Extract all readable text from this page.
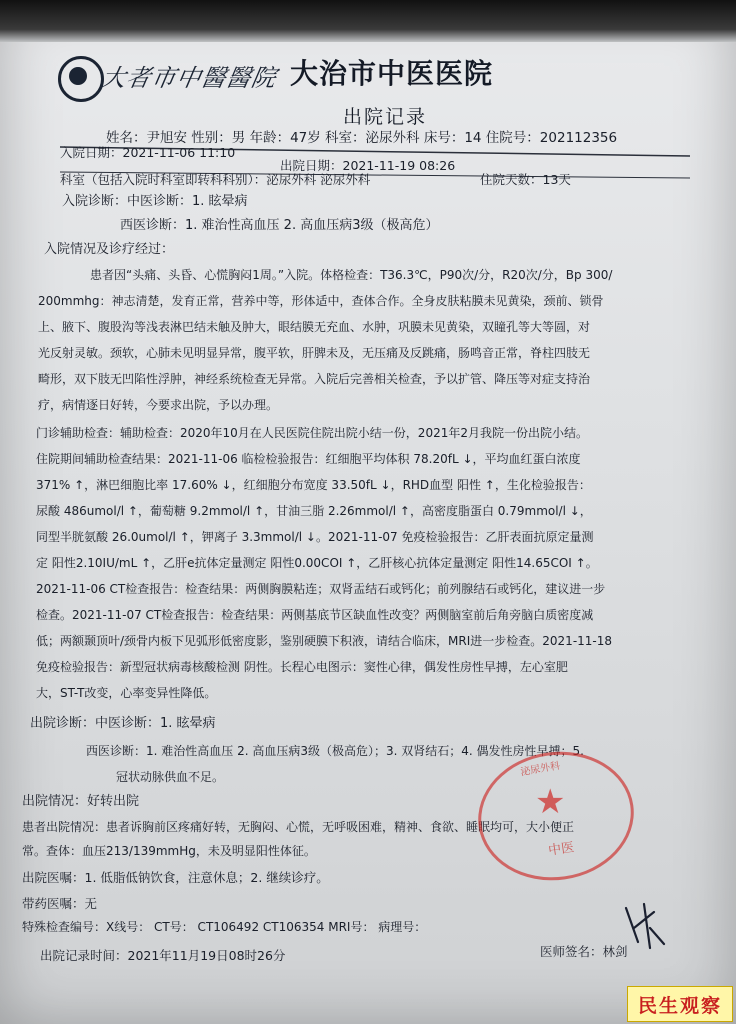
大者市中醫醫院 大治市中医医院
出院记录
姓名：尹旭安 性别：男 年龄：47岁 科室：泌尿外科 床号：14 住院号：202112356
入院日期：2021-11-06 11:10
出院日期：2021-11-19 08:26
住院天数：13天
科室（包括入院时科室即转科科别）：泌尿外科 泌尿外科
入院诊断：中医诊断：1. 眩晕病
西医诊断：1. 难治性高血压 2. 高血压病3级（极高危）
入院情况及诊疗经过：
患者因“头痛、头昏、心慌胸闷1周。”入院。体格检查：T36.3℃，P90次/分，R20次/分，Bp 300/
200mmhg：神志清楚，发育正常，营养中等，形体适中，查体合作。全身皮肤粘膜未见黄染，颈前、锁骨
上、腋下、腹股沟等浅表淋巴结未触及肿大，眼结膜无充血、水肿，巩膜未见黄染，双瞳孔等大等圆，对
光反射灵敏。颈软，心肺未见明显异常，腹平软，肝脾未及，无压痛及反跳痛，肠鸣音正常，脊柱四肢无
畸形，双下肢无凹陷性浮肿，神经系统检查无异常。入院后完善相关检查，予以扩管、降压等对症支持治
疗，病情逐日好转，今要求出院，予以办理。
门诊辅助检查：辅助检查：2020年10月在人民医院住院出院小结一份，2021年2月我院一份出院小结。
住院期间辅助检查结果：2021-11-06 临检检验报告：红细胞平均体积 78.20fL ↓，平均血红蛋白浓度
371% ↑，淋巴细胞比率 17.60% ↓，红细胞分布宽度 33.50fL ↓，RHD血型 阳性 ↑，生化检验报告：
尿酸 486umol/l ↑，葡萄糖 9.2mmol/l ↑，甘油三脂 2.26mmol/l ↑，高密度脂蛋白 0.79mmol/l ↓，
同型半胱氨酸 26.0umol/l ↑，钾离子 3.3mmol/l ↓。2021-11-07 免疫检验报告：乙肝表面抗原定量测
定 阳性2.10IU/mL ↑，乙肝e抗体定量测定 阳性0.00COI ↑，乙肝核心抗体定量测定 阳性14.65COI ↑。
2021-11-06 CT检查报告：检查结果：两侧胸膜粘连；双肾盂结石或钙化；前列腺结石或钙化，建议进一步
检查。2021-11-07 CT检查报告：检查结果：两侧基底节区缺血性改变？两侧脑室前后角旁脑白质密度减
低；两额颞顶叶/颈骨内板下见弧形低密度影，鉴别硬膜下积液，请结合临床，MRI进一步检查。2021-11-18
免疫检验报告：新型冠状病毒核酸检测 阴性。长程心电图示：窦性心律，偶发性房性早搏，左心室肥
大，ST-T改变，心率变异性降低。
出院诊断：中医诊断：1. 眩晕病
西医诊断：1. 难治性高血压 2. 高血压病3级（极高危）；3. 双肾结石；4. 偶发性房性早搏；5.
冠状动脉供血不足。
出院情况：好转出院
患者出院情况：患者诉胸前区疼痛好转，无胸闷、心慌，无呼吸困难，精神、食欲、睡眠均可，大小便正
常。查体：血压213/139mmHg，未及明显阳性体征。
出院医嘱：1. 低脂低钠饮食，注意休息；2. 继续诊疗。
带药医嘱：无
特殊检查编号：X线号： CT号： CT106492 CT106354 MRI号： 病理号：
出院记录时间：2021年11月19日08时26分	医师签名：林剑
泌尿外科
★
中医
民生观察
